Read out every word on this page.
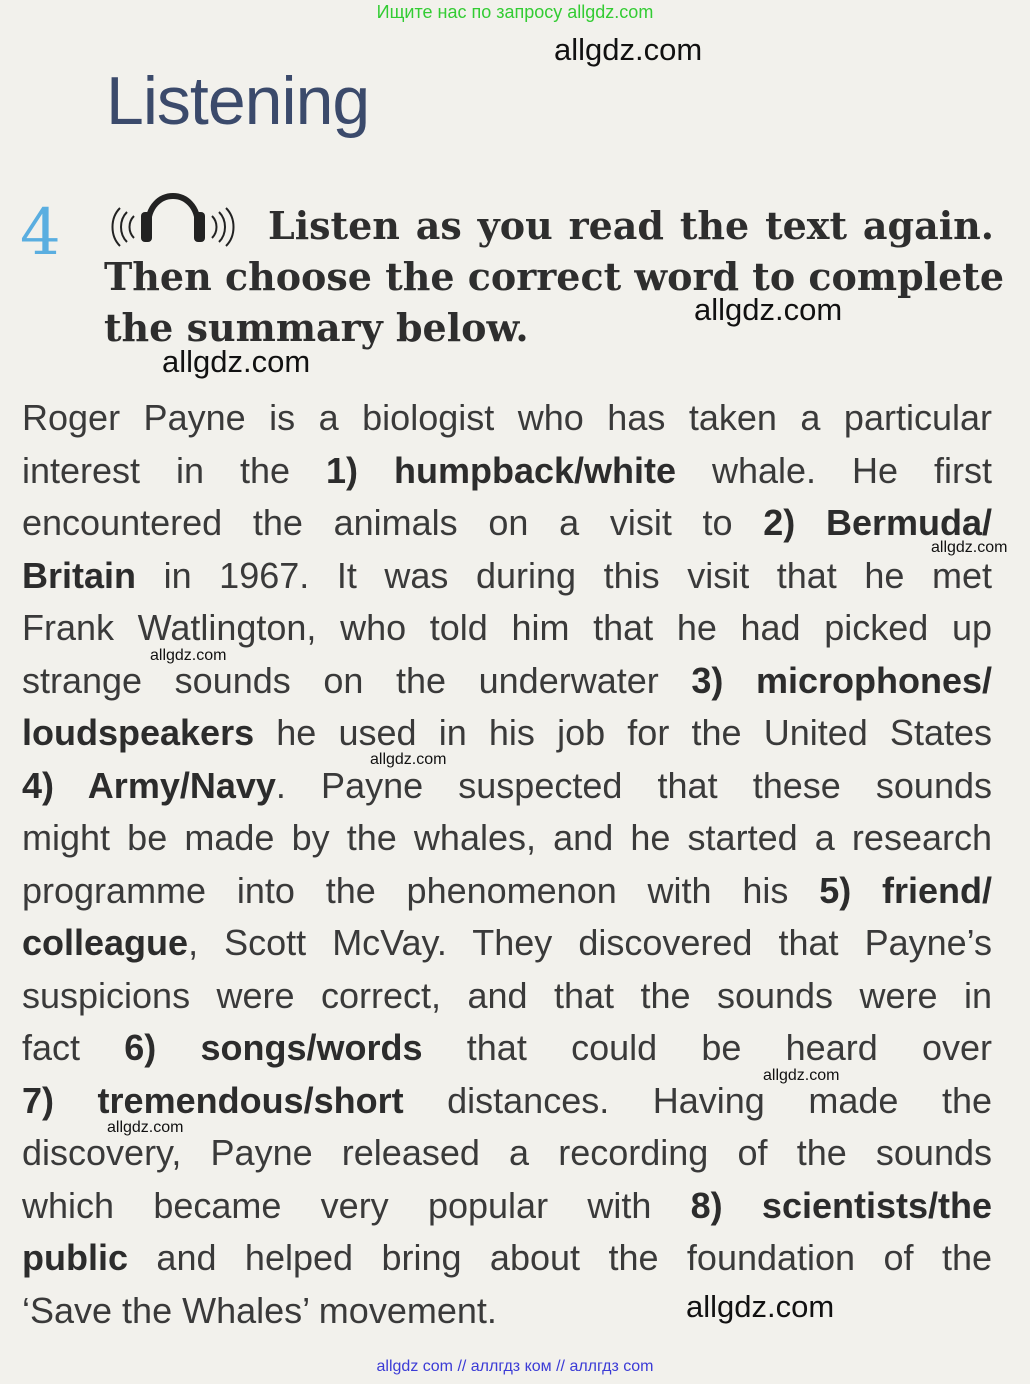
Ищите нас по запросу allgdz.com
Listening
4	Listen as you read the text again.
Then choose the correct word to complete
the summary below.
Roger Payne is a biologist who has taken a particular
interest in the 1) humpback/white whale. He first
encountered the animals on a visit to 2) Bermuda/
Britain in 1967. It was during this visit that he met
Frank Watlington, who told him that he had picked up
strange sounds on the underwater 3) microphones/
loudspeakers he used in his job for the United States
4) Army/Navy. Payne suspected that these sounds
might be made by the whales, and he started a research
programme into the phenomenon with his 5) friend/
colleague, Scott McVay. They discovered that Payne’s
suspicions were correct, and that the sounds were in
fact 6) songs/words that could be heard over
7) tremendous/short distances. Having made the
discovery, Payne released a recording of the sounds
which became very popular with 8) scientists/the
public and helped bring about the foundation of the
‘Save the Whales’ movement.
allgdz.com
allgdz.com
allgdz.com
allgdz.com
allgdz.com
allgdz.com
allgdz.com
allgdz.com
allgdz.com
allgdz com // аллгдз ком // аллгдз com
